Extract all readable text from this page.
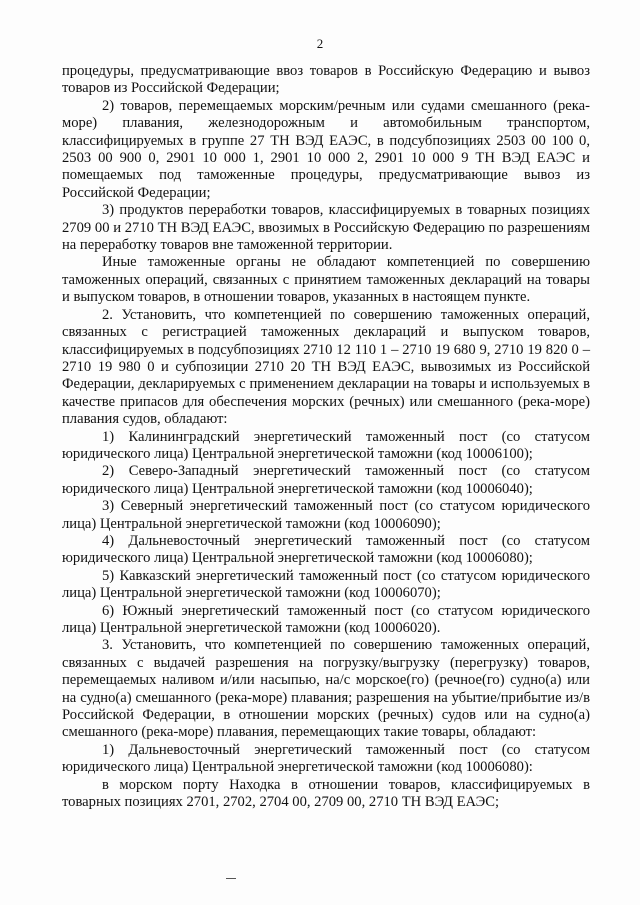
2

процедуры, предусматривающие ввоз товаров в Российскую Федерацию и вывоз товаров из Российской Федерации;

2) товаров, перемещаемых морским/речным или судами смешанного (река-море) плавания, железнодорожным и автомобильным транспортом, классифицируемых в группе 27 ТН ВЭД ЕАЭС, в подсубпозициях 2503 00 100 0, 2503 00 900 0, 2901 10 000 1, 2901 10 000 2, 2901 10 000 9 ТН ВЭД ЕАЭС и помещаемых под таможенные процедуры, предусматривающие вывоз из Российской Федерации;

3) продуктов переработки товаров, классифицируемых в товарных позициях 2709 00 и 2710 ТН ВЭД ЕАЭС, ввозимых в Российскую Федерацию по разрешениям на переработку товаров вне таможенной территории.

Иные таможенные органы не обладают компетенцией по совершению таможенных операций, связанных с принятием таможенных деклараций на товары и выпуском товаров, в отношении товаров, указанных в настоящем пункте.

2. Установить, что компетенцией по совершению таможенных операций, связанных с регистрацией таможенных деклараций и выпуском товаров, классифицируемых в подсубпозициях 2710 12 110 1 – 2710 19 680 9, 2710 19 820 0 – 2710 19 980 0 и субпозиции 2710 20 ТН ВЭД ЕАЭС, вывозимых из Российской Федерации, декларируемых с применением декларации на товары и используемых в качестве припасов для обеспечения морских (речных) или смешанного (река-море) плавания судов, обладают:

1) Калининградский энергетический таможенный пост (со статусом юридического лица) Центральной энергетической таможни (код 10006100);

2) Северо-Западный энергетический таможенный пост (со статусом юридического лица) Центральной энергетической таможни (код 10006040);

3) Северный энергетический таможенный пост (со статусом юридического лица) Центральной энергетической таможни (код 10006090);

4) Дальневосточный энергетический таможенный пост (со статусом юридического лица) Центральной энергетической таможни (код 10006080);

5) Кавказский энергетический таможенный пост (со статусом юридического лица) Центральной энергетической таможни (код 10006070);

6) Южный энергетический таможенный пост (со статусом юридического лица) Центральной энергетической таможни (код 10006020).

3. Установить, что компетенцией по совершению таможенных операций, связанных с выдачей разрешения на погрузку/выгрузку (перегрузку) товаров, перемещаемых наливом и/или насыпью, на/с морское(го) (речное(го) судно(а) или на судно(а) смешанного (река-море) плавания; разрешения на убытие/прибытие из/в Российской Федерации, в отношении морских (речных) судов или на судно(а) смешанного (река-море) плавания, перемещающих такие товары, обладают:

1) Дальневосточный энергетический таможенный пост (со статусом юридического лица) Центральной энергетической таможни (код 10006080):

в морском порту Находка в отношении товаров, классифицируемых в товарных позициях 2701, 2702, 2704 00, 2709 00, 2710 ТН ВЭД ЕАЭС;
